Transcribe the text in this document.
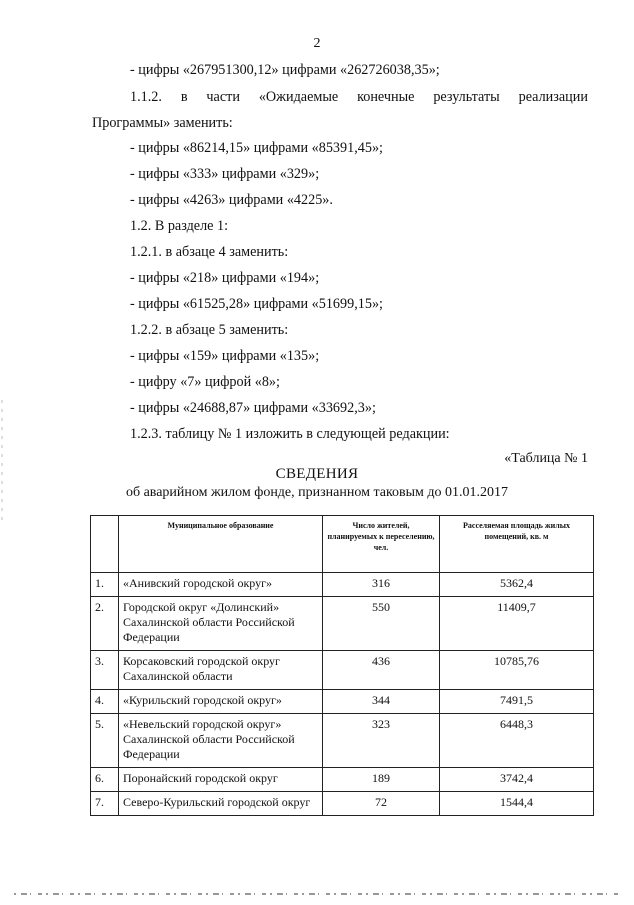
2
- цифры «267951300,12» цифрами «262726038,35»;
1.1.2. в части «Ожидаемые конечные результаты реализации
Программы» заменить:
- цифры «86214,15» цифрами «85391,45»;
- цифры «333» цифрами «329»;
- цифры «4263» цифрами «4225».
1.2. В разделе 1:
1.2.1. в абзаце 4 заменить:
- цифры «218» цифрами «194»;
- цифры «61525,28» цифрами «51699,15»;
1.2.2. в абзаце 5 заменить:
- цифры «159» цифрами «135»;
- цифру «7» цифрой «8»;
- цифры «24688,87» цифрами «33692,3»;
1.2.3. таблицу № 1 изложить в следующей редакции:
«Таблица № 1
СВЕДЕНИЯ
об аварийном жилом фонде, признанном таковым до 01.01.2017
	Муниципальное образование	Число жителей, планируемых к переселению, чел.	Расселяемая площадь жилых помещений, кв. м
1.	«Анивский городской округ»	316	5362,4
2.	Городской округ «Долинский» Сахалинской области Российской Федерации	550	11409,7
3.	Корсаковский городской округ Сахалинской области	436	10785,76
4.	«Курильский городской округ»	344	7491,5
5.	«Невельский городской округ» Сахалинской области Российской Федерации	323	6448,3
6.	Поронайский городской округ	189	3742,4
7.	Северо-Курильский городской округ	72	1544,4
